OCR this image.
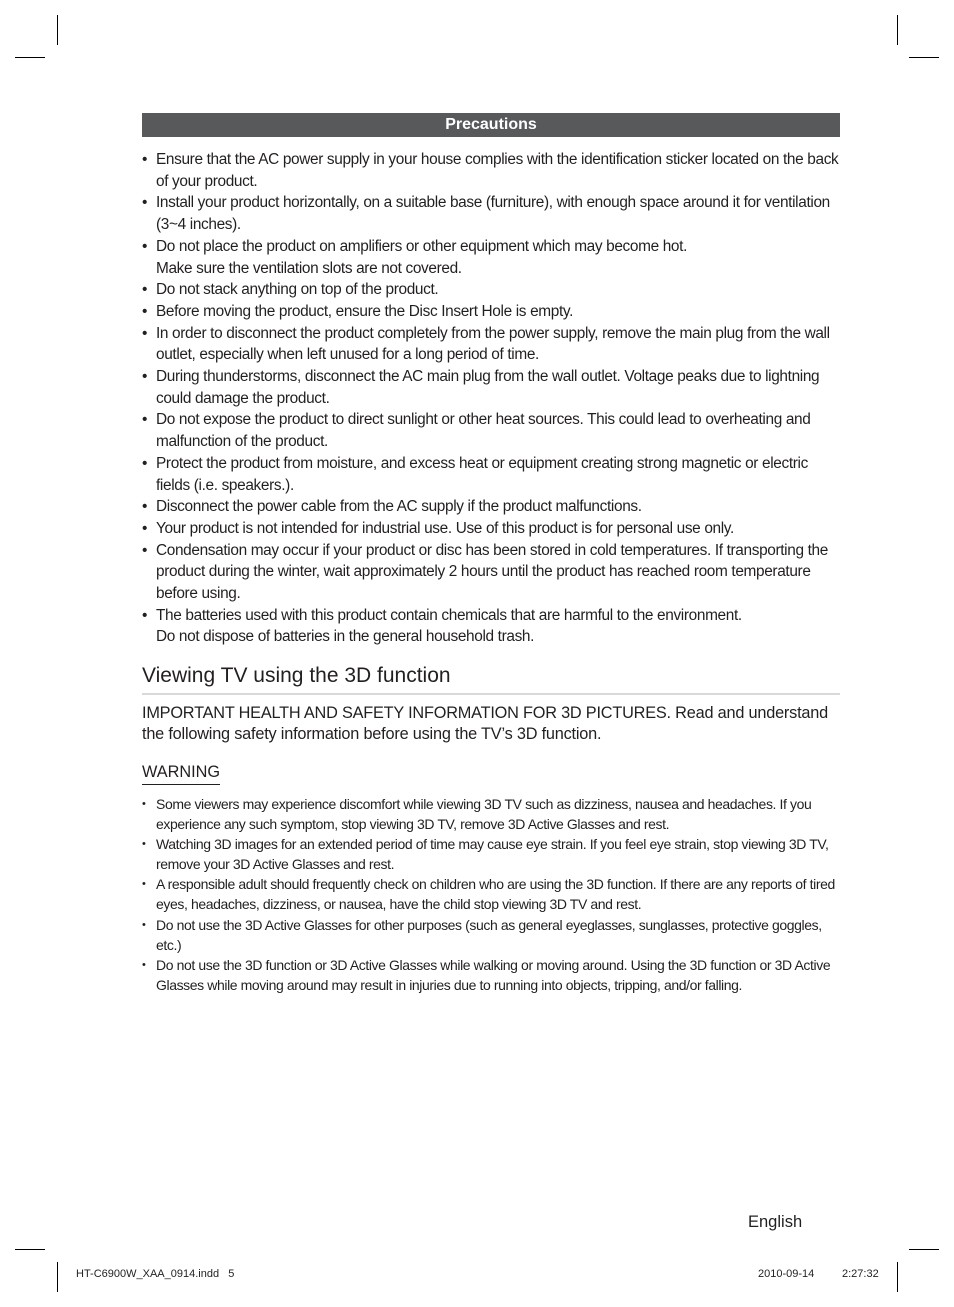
Precautions
• Ensure that the AC power supply in your house complies with the identification sticker located on the back of your product.
• Install your product horizontally, on a suitable base (furniture), with enough space around it for ventilation (3~4 inches).
• Do not place the product on amplifiers or other equipment which may become hot.
Make sure the ventilation slots are not covered.
• Do not stack anything on top of the product.
• Before moving the product, ensure the Disc Insert Hole is empty.
• In order to disconnect the product completely from the power supply, remove the main plug from the wall outlet, especially when left unused for a long period of time.
• During thunderstorms, disconnect the AC main plug from the wall outlet. Voltage peaks due to lightning could damage the product.
• Do not expose the product to direct sunlight or other heat sources. This could lead to overheating and malfunction of the product.
• Protect the product from moisture, and excess heat or equipment creating strong magnetic or electric fields (i.e. speakers.).
• Disconnect the power cable from the AC supply if the product malfunctions.
• Your product is not intended for industrial use. Use of this product is for personal use only.
• Condensation may occur if your product or disc has been stored in cold temperatures. If transporting the product during the winter, wait approximately 2 hours until the product has reached room temperature before using.
• The batteries used with this product contain chemicals that are harmful to the environment.
Do not dispose of batteries in the general household trash.
Viewing TV using the 3D function
IMPORTANT HEALTH AND SAFETY INFORMATION FOR 3D PICTURES. Read and understand the following safety information before using the TV’s 3D function.
WARNING
• Some viewers may experience discomfort while viewing 3D TV such as dizziness, nausea and headaches. If you experience any such symptom, stop viewing 3D TV, remove 3D Active Glasses and rest.
• Watching 3D images for an extended period of time may cause eye strain. If you feel eye strain, stop viewing 3D TV, remove your 3D Active Glasses and rest.
• A responsible adult should frequently check on children who are using the 3D function. If there are any reports of tired eyes, headaches, dizziness, or nausea, have the child stop viewing 3D TV and rest.
• Do not use the 3D Active Glasses for other purposes (such as general eyeglasses, sunglasses, protective goggles, etc.)
• Do not use the 3D function or 3D Active Glasses while walking or moving around. Using the 3D function or 3D Active Glasses while moving around may result in injuries due to running into objects, tripping, and/or falling.
English
HT-C6900W_XAA_0914.indd   5	2010-09-14	2:27:32
